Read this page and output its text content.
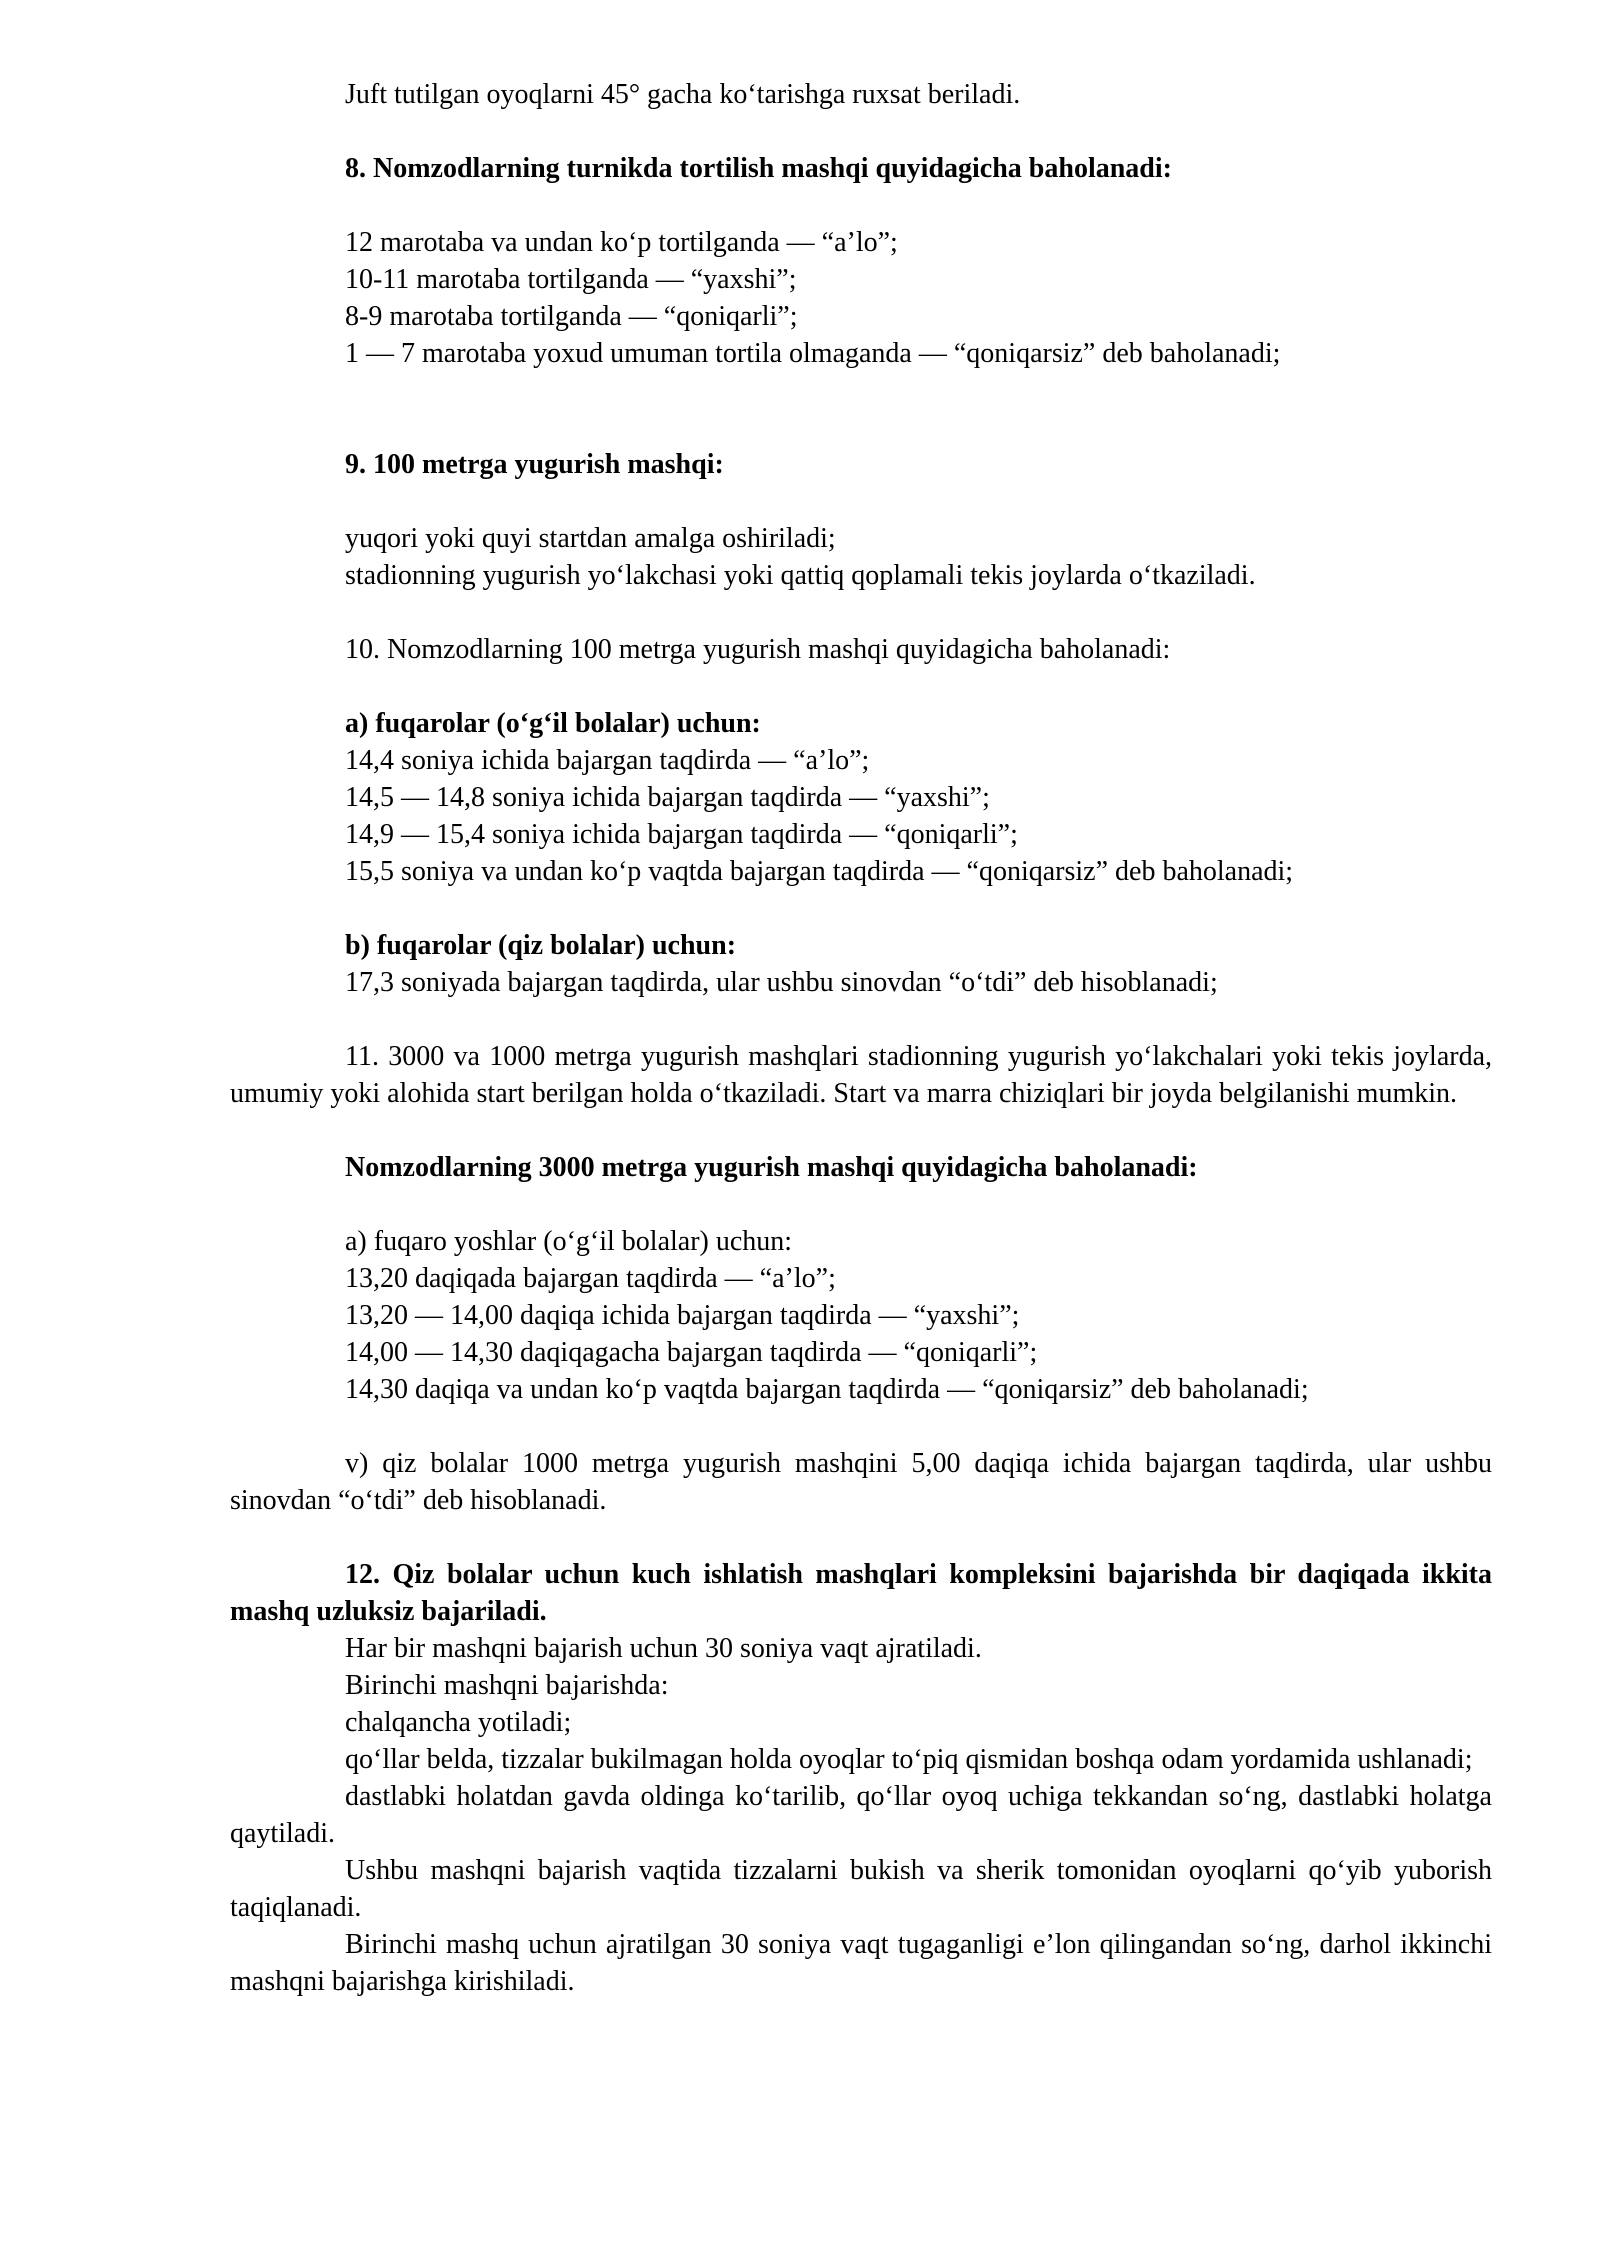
Juft tutilgan oyoqlarni 45° gacha ko‘tarishga ruxsat beriladi.
8. Nomzodlarning turnikda tortilish mashqi quyidagicha baholanadi:
12 marotaba va undan ko‘p tortilganda — “a’lo”;
10-11 marotaba tortilganda — “yaxshi”;
8-9 marotaba tortilganda — “qoniqarli”;
1 — 7 marotaba yoxud umuman tortila olmaganda — “qoniqarsiz” deb baholanadi;
9. 100 metrga yugurish mashqi:
yuqori yoki quyi startdan amalga oshiriladi;
stadionning yugurish yo‘lakchasi yoki qattiq qoplamali tekis joylarda o‘tkaziladi.
10. Nomzodlarning 100 metrga yugurish mashqi quyidagicha baholanadi:
a) fuqarolar (o‘g‘il bolalar) uchun:
14,4 soniya ichida bajargan taqdirda — “a’lo”;
14,5 — 14,8 soniya ichida bajargan taqdirda — “yaxshi”;
14,9 — 15,4 soniya ichida bajargan taqdirda — “qoniqarli”;
15,5 soniya va undan ko‘p vaqtda bajargan taqdirda — “qoniqarsiz” deb baholanadi;
b) fuqarolar (qiz bolalar) uchun:
17,3 soniyada bajargan taqdirda, ular ushbu sinovdan “o‘tdi” deb hisoblanadi;
11. 3000 va 1000 metrga yugurish mashqlari stadionning yugurish yo‘lakchalari yoki tekis joylarda, umumiy yoki alohida start berilgan holda o‘tkaziladi. Start va marra chiziqlari bir joyda belgilanishi mumkin.
Nomzodlarning 3000 metrga yugurish mashqi quyidagicha baholanadi:
a) fuqaro yoshlar (o‘g‘il bolalar) uchun:
13,20 daqiqada bajargan taqdirda — “a’lo”;
13,20 — 14,00 daqiqa ichida bajargan taqdirda — “yaxshi”;
14,00 — 14,30 daqiqagacha bajargan taqdirda — “qoniqarli”;
14,30 daqiqa va undan ko‘p vaqtda bajargan taqdirda — “qoniqarsiz” deb baholanadi;
v) qiz bolalar 1000 metrga yugurish mashqini 5,00 daqiqa ichida bajargan taqdirda, ular ushbu sinovdan “o‘tdi” deb hisoblanadi.
12. Qiz bolalar uchun kuch ishlatish mashqlari kompleksini bajarishda bir daqiqada ikkita mashq uzluksiz bajariladi.
Har bir mashqni bajarish uchun 30 soniya vaqt ajratiladi.
Birinchi mashqni bajarishda:
chalqancha yotiladi;
qo‘llar belda, tizzalar bukilmagan holda oyoqlar to‘piq qismidan boshqa odam yordamida ushlanadi;
dastlabki holatdan gavda oldinga ko‘tarilib, qo‘llar oyoq uchiga tekkandan so‘ng, dastlabki holatga qaytiladi.
Ushbu mashqni bajarish vaqtida tizzalarni bukish va sherik tomonidan oyoqlarni qo‘yib yuborish taqiqlanadi.
Birinchi mashq uchun ajratilgan 30 soniya vaqt tugaganligi e’lon qilingandan so‘ng, darhol ikkinchi mashqni bajarishga kirishiladi.
